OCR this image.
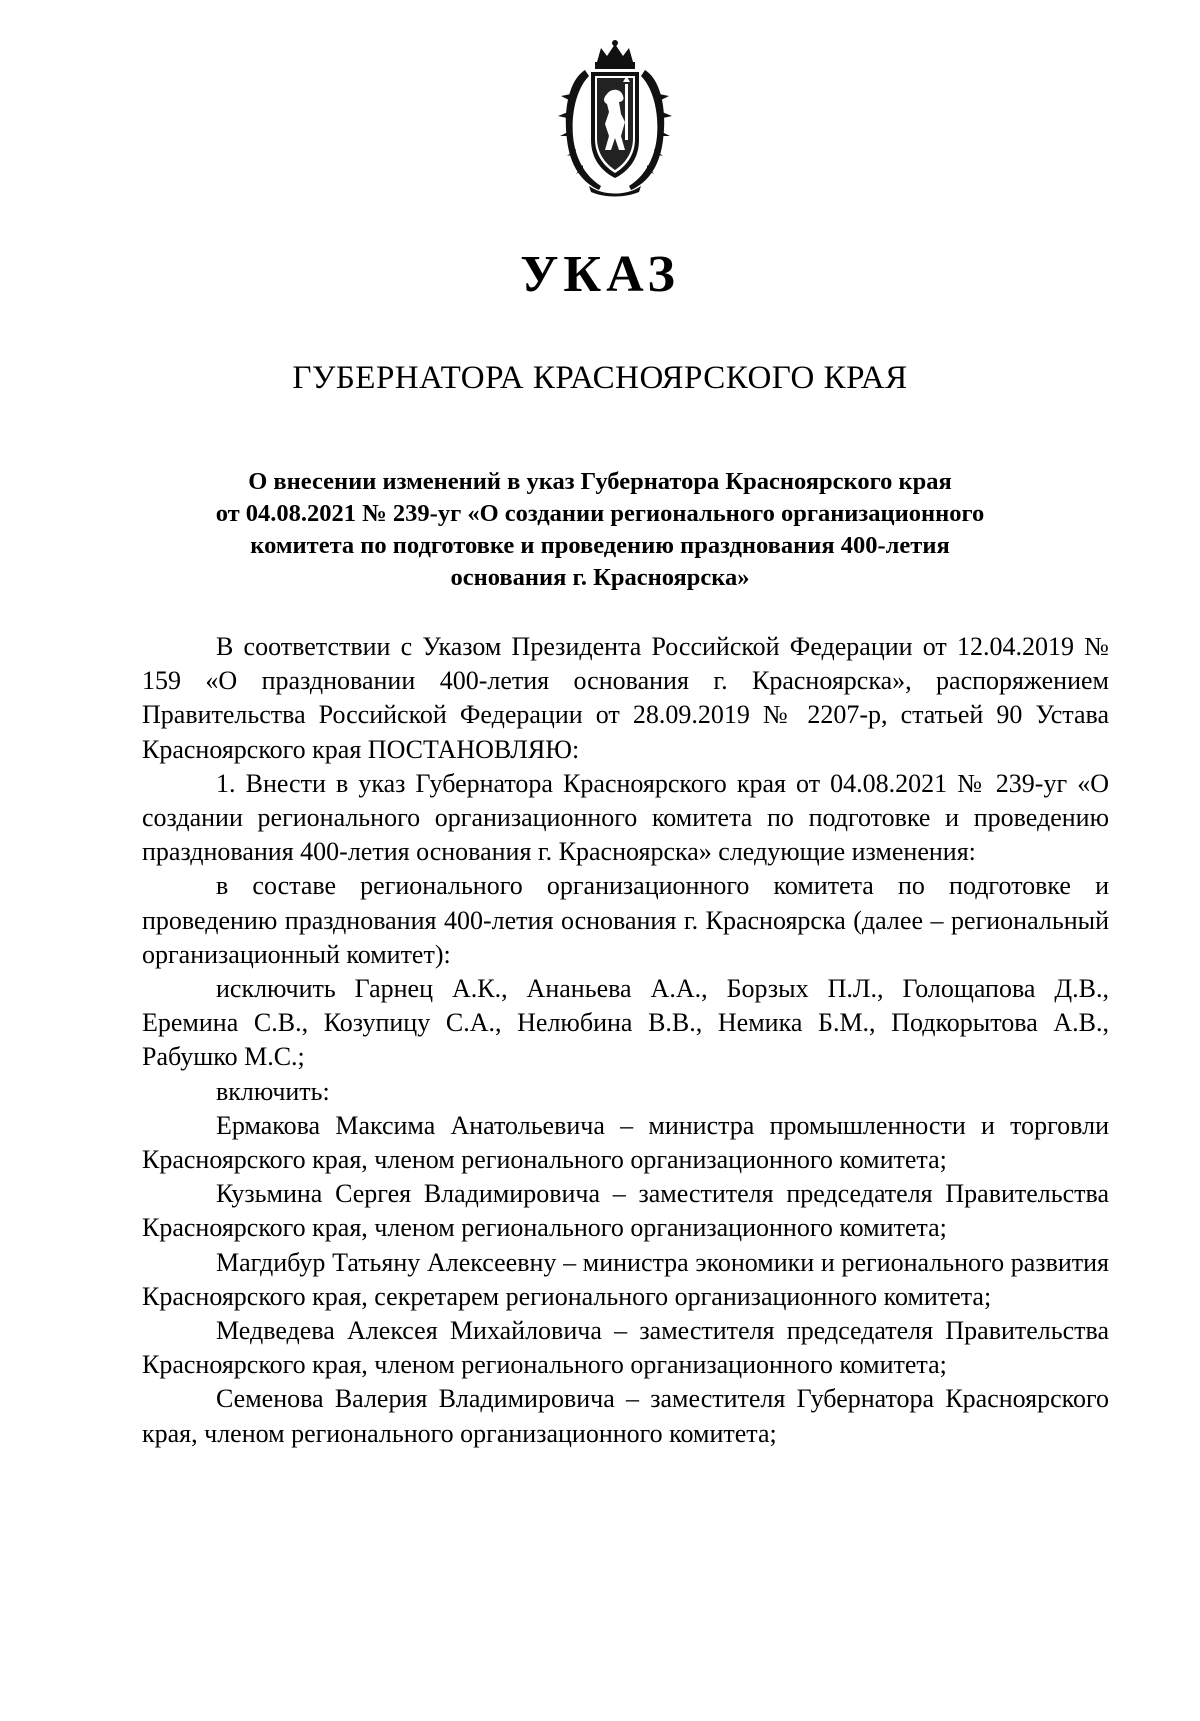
УКАЗ
ГУБЕРНАТОРА КРАСНОЯРСКОГО КРАЯ
О внесении изменений в указ Губернатора Красноярского края
от 04.08.2021 № 239-уг «О создании регионального организационного
комитета по подготовке и проведению празднования 400-летия
основания г. Красноярска»

В соответствии с Указом Президента Российской Федерации от 12.04.2019 № 159 «О праздновании 400-летия основания г. Красноярска», распоряжением Правительства Российской Федерации от 28.09.2019 № 2207-р, статьей 90 Устава Красноярского края ПОСТАНОВЛЯЮ:

1. Внести в указ Губернатора Красноярского края от 04.08.2021 № 239-уг «О создании регионального организационного комитета по подготовке и проведению празднования 400-летия основания г. Красноярска» следующие изменения:

в составе регионального организационного комитета по подготовке и проведению празднования 400-летия основания г. Красноярска (далее – региональный организационный комитет):

исключить Гарнец А.К., Ананьева А.А., Борзых П.Л., Голощапова Д.В., Еремина С.В., Козупицу С.А., Нелюбина В.В., Немика Б.М., Подкорытова А.В., Рабушко М.С.;

включить:

Ермакова Максима Анатольевича – министра промышленности и торговли Красноярского края, членом регионального организационного комитета;

Кузьмина Сергея Владимировича – заместителя председателя Правительства Красноярского края, членом регионального организационного комитета;

Магдибур Татьяну Алексеевну – министра экономики и регионального развития Красноярского края, секретарем регионального организационного комитета;

Медведева Алексея Михайловича – заместителя председателя Правительства Красноярского края, членом регионального организационного комитета;

Семенова Валерия Владимировича – заместителя Губернатора Красноярского края, членом регионального организационного комитета;
